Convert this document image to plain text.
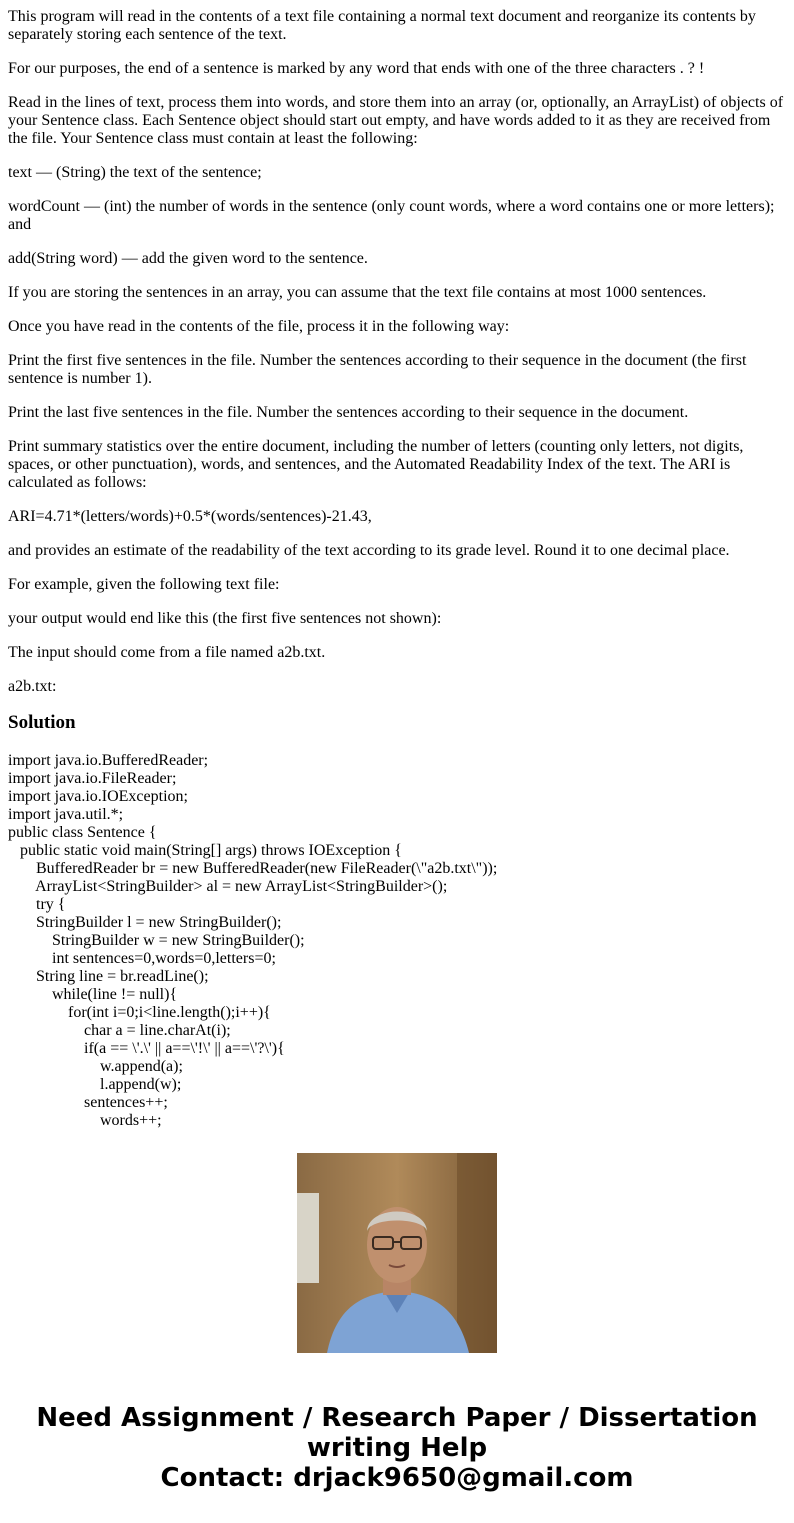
This program will read in the contents of a text file containing a normal text document and reorganize its contents by separately storing each sentence of the text.

For our purposes, the end of a sentence is marked by any word that ends with one of the three characters . ? !

Read in the lines of text, process them into words, and store them into an array (or, optionally, an ArrayList) of objects of your Sentence class. Each Sentence object should start out empty, and have words added to it as they are received from the file. Your Sentence class must contain at least the following:

text — (String) the text of the sentence;

wordCount — (int) the number of words in the sentence (only count words, where a word contains one or more letters); and

add(String word) — add the given word to the sentence.

If you are storing the sentences in an array, you can assume that the text file contains at most 1000 sentences.

Once you have read in the contents of the file, process it in the following way:

Print the first five sentences in the file. Number the sentences according to their sequence in the document (the first sentence is number 1).

Print the last five sentences in the file. Number the sentences according to their sequence in the document.

Print summary statistics over the entire document, including the number of letters (counting only letters, not digits, spaces, or other punctuation), words, and sentences, and the Automated Readability Index of the text. The ARI is calculated as follows:

ARI=4.71*(letters/words)+0.5*(words/sentences)-21.43,

and provides an estimate of the readability of the text according to its grade level. Round it to one decimal place.

For example, given the following text file:

your output would end like this (the first five sentences not shown):

The input should come from a file named a2b.txt.

a2b.txt:

Solution
import java.io.BufferedReader;
import java.io.FileReader;
import java.io.IOException;
import java.util.*;
public class Sentence {
public static void main(String[] args) throws IOException {
BufferedReader br = new BufferedReader(new FileReader(\"a2b.txt\"));
ArrayList<StringBuilder> al = new ArrayList<StringBuilder>();
try {
StringBuilder l = new StringBuilder();
StringBuilder w = new StringBuilder();
int sentences=0,words=0,letters=0;
String line = br.readLine();
while(line != null){
for(int i=0;i<line.length();i++){
char a = line.charAt(i);
if(a == \'.\' || a==\'!\' || a==\'?\'){
w.append(a);
l.append(w);
sentences++;
words++;
Need Assignment / Research Paper / Dissertation
writing Help
Contact: drjack9650@gmail.com
